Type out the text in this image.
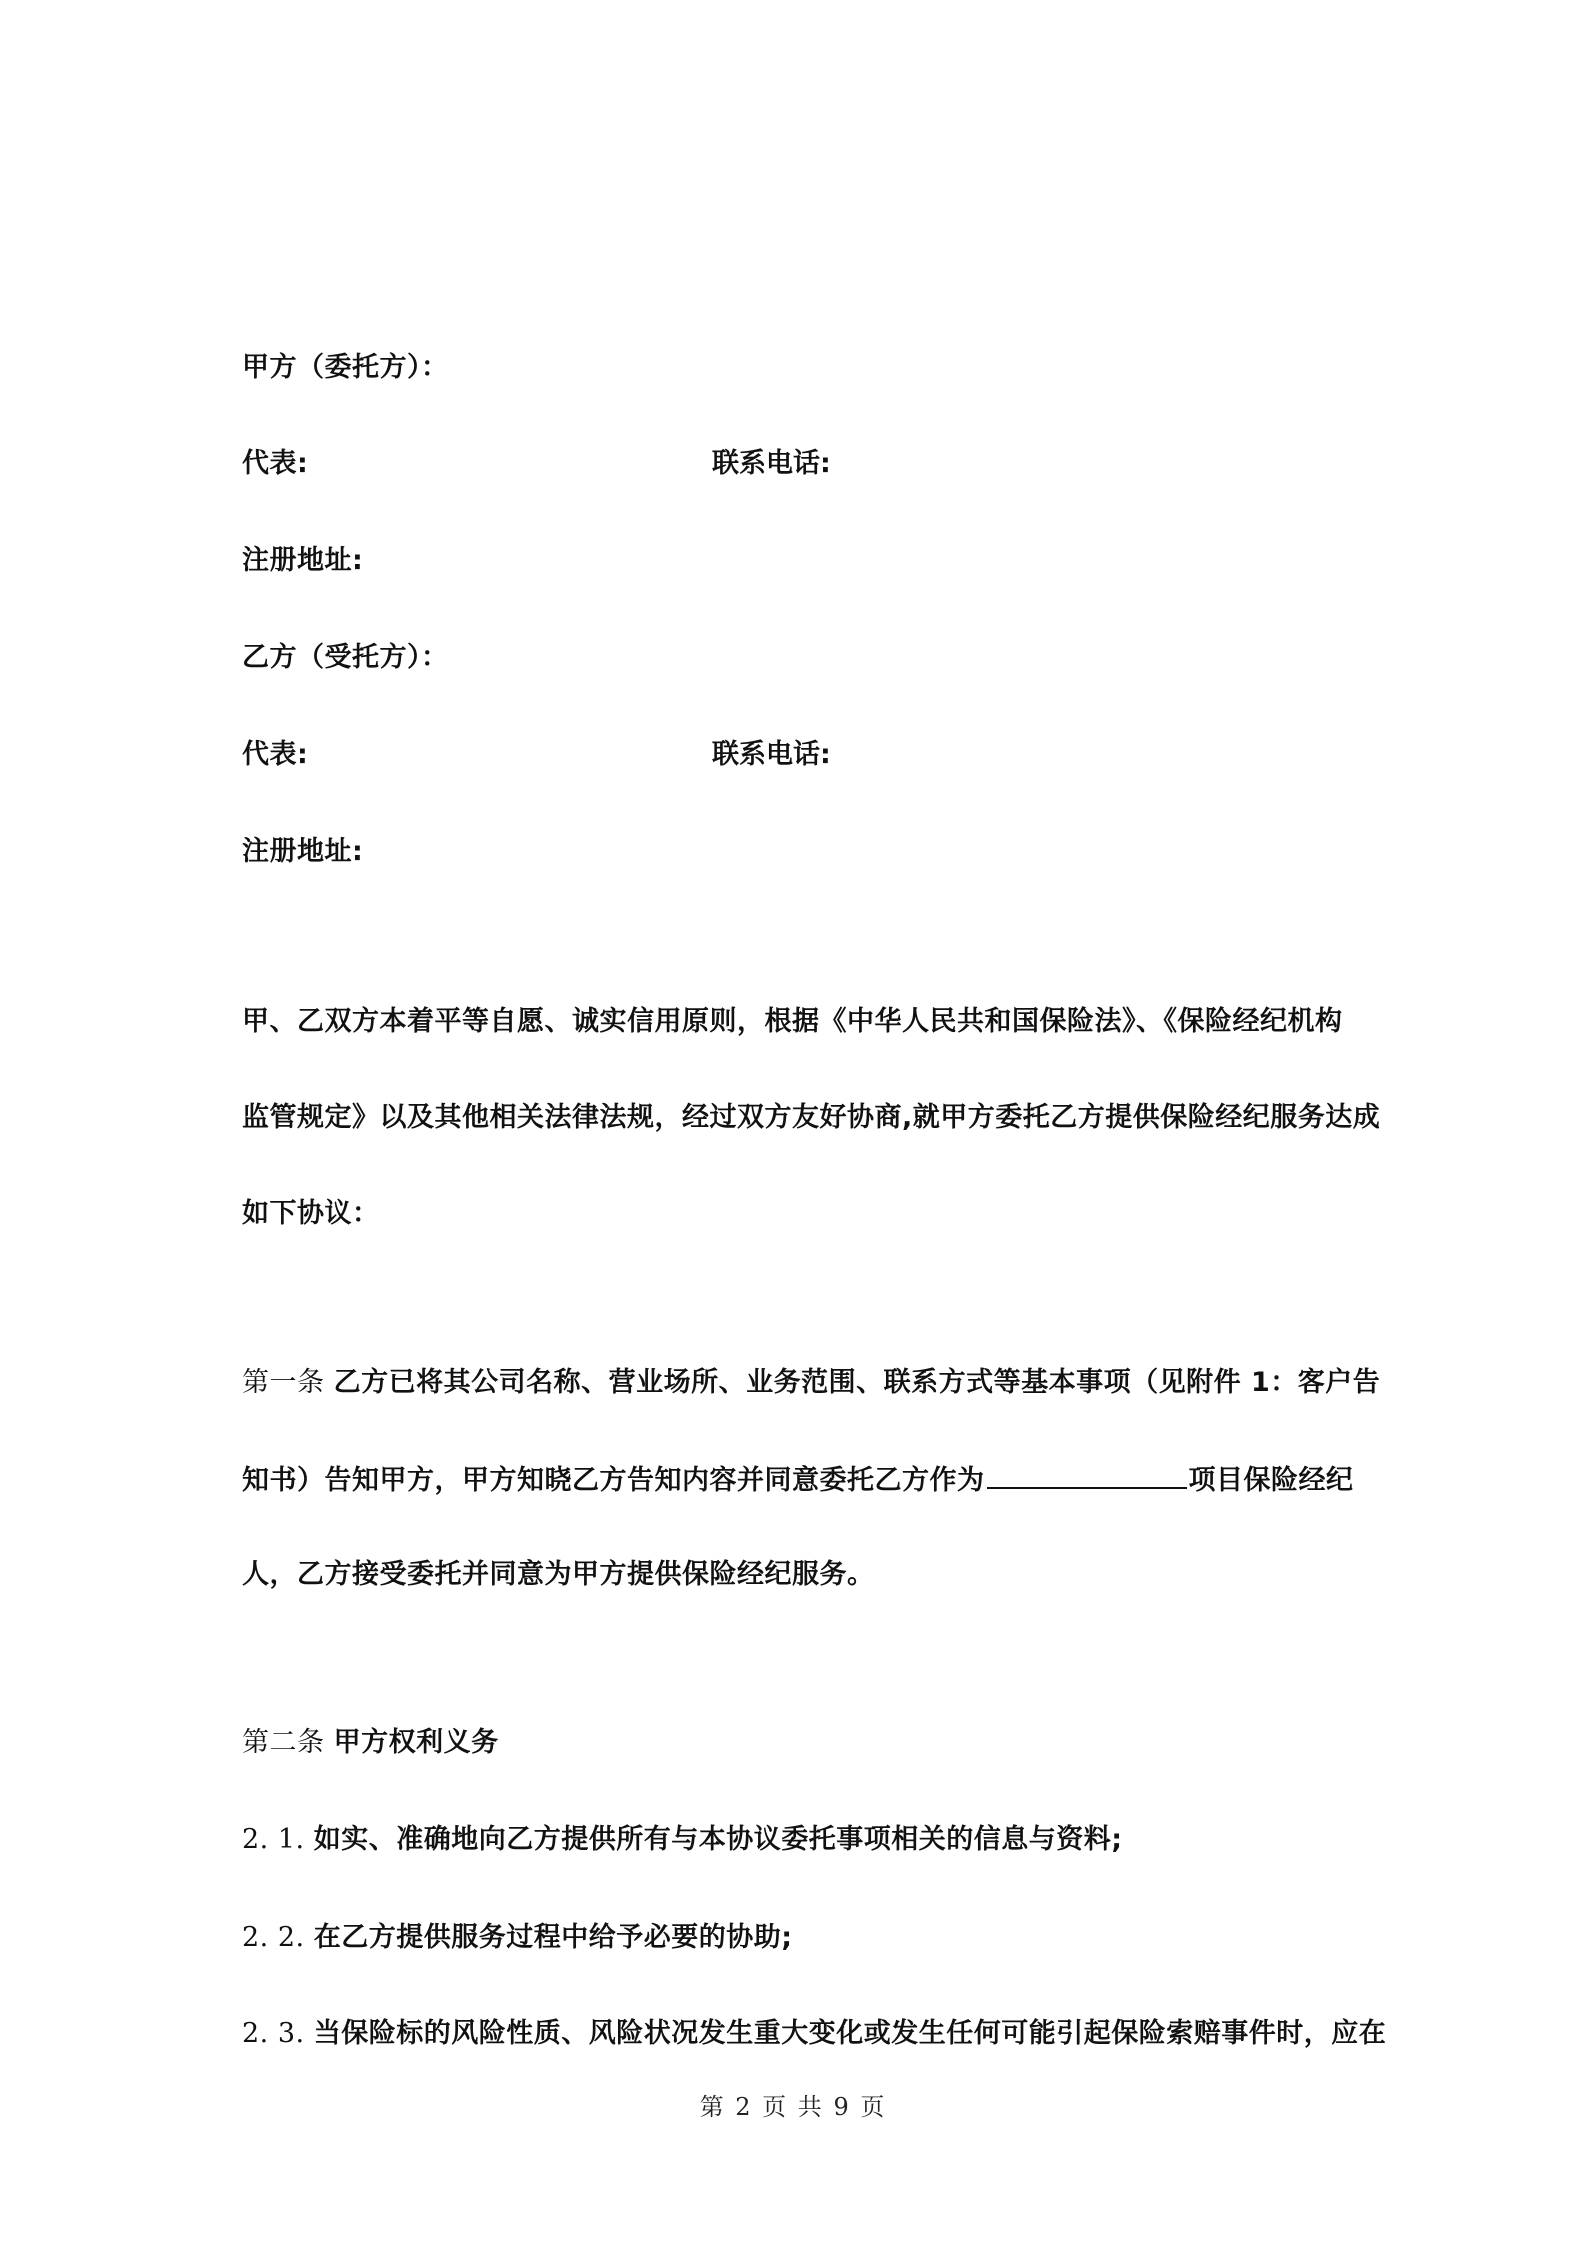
甲方（委托方）：
代表:	联系电话:
注册地址:
乙方（受托方）：
代表:	联系电话:
注册地址:
甲、乙双方本着平等自愿、诚实信用原则，根据《中华人民共和国保险法》、《保险经纪机构
监管规定》以及其他相关法律法规，经过双方友好协商,就甲方委托乙方提供保险经纪服务达成
如下协议：
第一条 乙方已将其公司名称、营业场所、业务范围、联系方式等基本事项（见附件 1：客户告
知书）告知甲方，甲方知晓乙方告知内容并同意委托乙方作为	项目保险经纪
人，乙方接受委托并同意为甲方提供保险经纪服务。
第二条 甲方权利义务
2. 1. 如实、准确地向乙方提供所有与本协议委托事项相关的信息与资料;
2. 2. 在乙方提供服务过程中给予必要的协助;
2. 3. 当保险标的风险性质、风险状况发生重大变化或发生任何可能引起保险索赔事件时，应在
第 2 页 共 9 页
